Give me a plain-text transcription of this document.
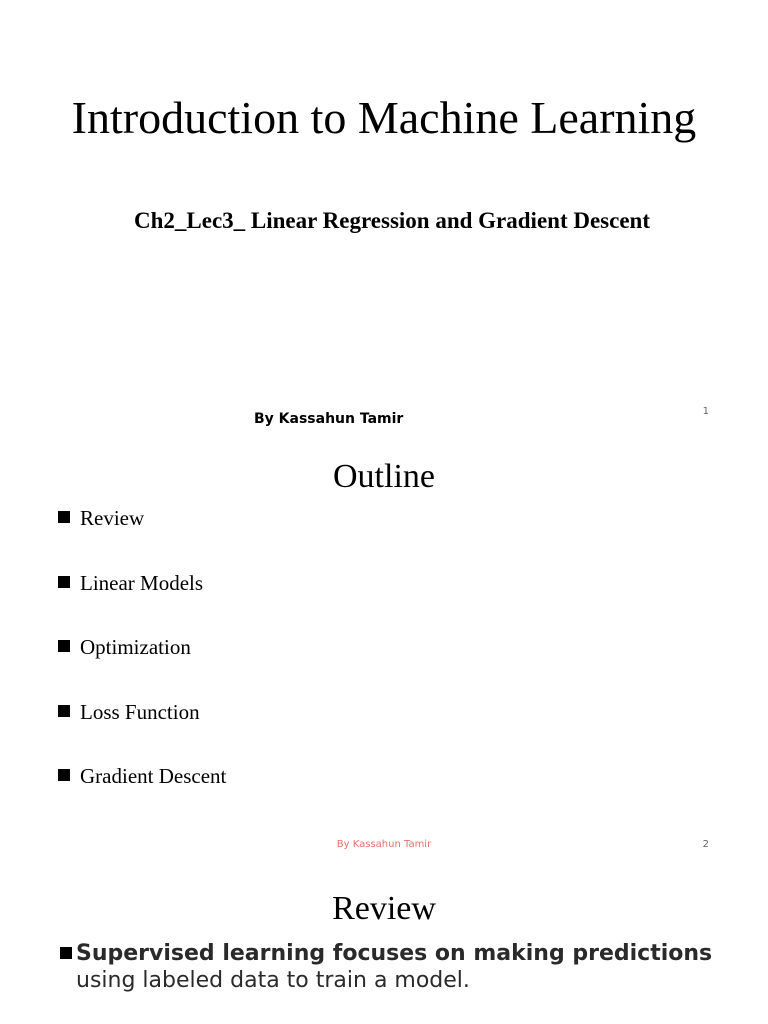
Introduction to Machine Learning
Ch2_Lec3_ Linear Regression and Gradient Descent
By Kassahun Tamir	1
Outline
Review
Linear Models
Optimization
Loss Function
Gradient Descent
By Kassahun Tamir	2
Review
Supervised learning focuses on making predictions using labeled data to train a model.
